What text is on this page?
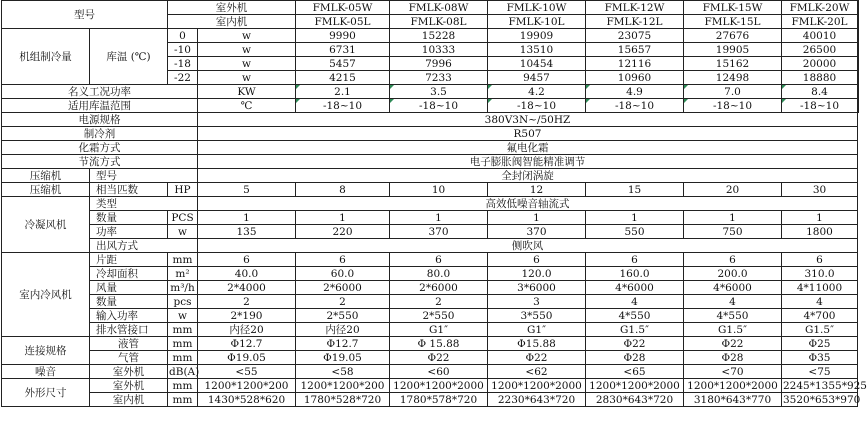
型号		室外机		FMLK-05W	FMLK-08W	FMLK-10W	FMLK-12W	FMLK-15W	FMLK-20W	
		室内机		FMLK-05L	FMLK-08L	FMLK-10L	FMLK-12L	FMLK-15L	FMLK-20L	
机组制冷量	库温 (℃)	0	w	9990	15228	19909	23075	27676	40010	
		-10	w	6731	10333	13510	15657	19905	26500	
		-18	w	5457	7996	10454	12116	15162	20000	
		-22	w	4215	7233	9457	10960	12498	18880	
名义工况功率			KW	2.1	3.5	4.2	4.9	7.0	8.4	
适用库温范围			℃	-18~10	-18~10	-18~10	-18~10	-18~10	-18~10	
电源规格			380V3N~/50HZ							
制冷剂			R507							
化霜方式			氟电化霜							
节流方式			电子膨胀阀智能精准调节							
压缩机	型号		全封闭涡旋							
压缩机	相当匹数	HP	5	8	10	12	15	20	30	
冷凝风机	类型		高效低噪音轴流式							
	数量	PCS	1	1	1	1	1	1	1	
	功率	w	135	220	370	370	550	750	1800	
	出风方式		侧吹风							
室内冷风机	片距	mm	6	6	6	6	6	6	6	
	冷却面积	m²	40.0	60.0	80.0	120.0	160.0	200.0	310.0	
	风量	m³/h	2*4000	2*6000	2*6000	3*6000	4*6000	4*6000	4*11000	
	数量	pcs	2	2	2	3	4	4	4	
	输入功率	w	2*190	2*550	2*550	3*550	4*550	4*550	4*700	
	排水管接口	mm	内径20	内径20	G1″	G1″	G1.5″	G1.5″	G1.5″	
连接规格	液管	mm	Φ12.7	Φ12.7	Φ 15.88	Φ15.88	Φ22	Φ22	Φ25	
	气管	mm	Φ19.05	Φ19.05	Φ22	Φ22	Φ28	Φ28	Φ35	
噪音	室外机	dB(A)	<55	<58	<60	<62	<65	<70	<75	
外形尺寸	室外机	mm	1200*1200*200	1200*1200*200	1200*1200*2000	1200*1200*2000	1200*1200*2000	1200*1200*2000	2245*1355*925	
	室内机	mm	1430*528*620	1780*528*720	1780*578*720	2230*643*720	2830*643*720	3180*643*770	3520*653*970	
